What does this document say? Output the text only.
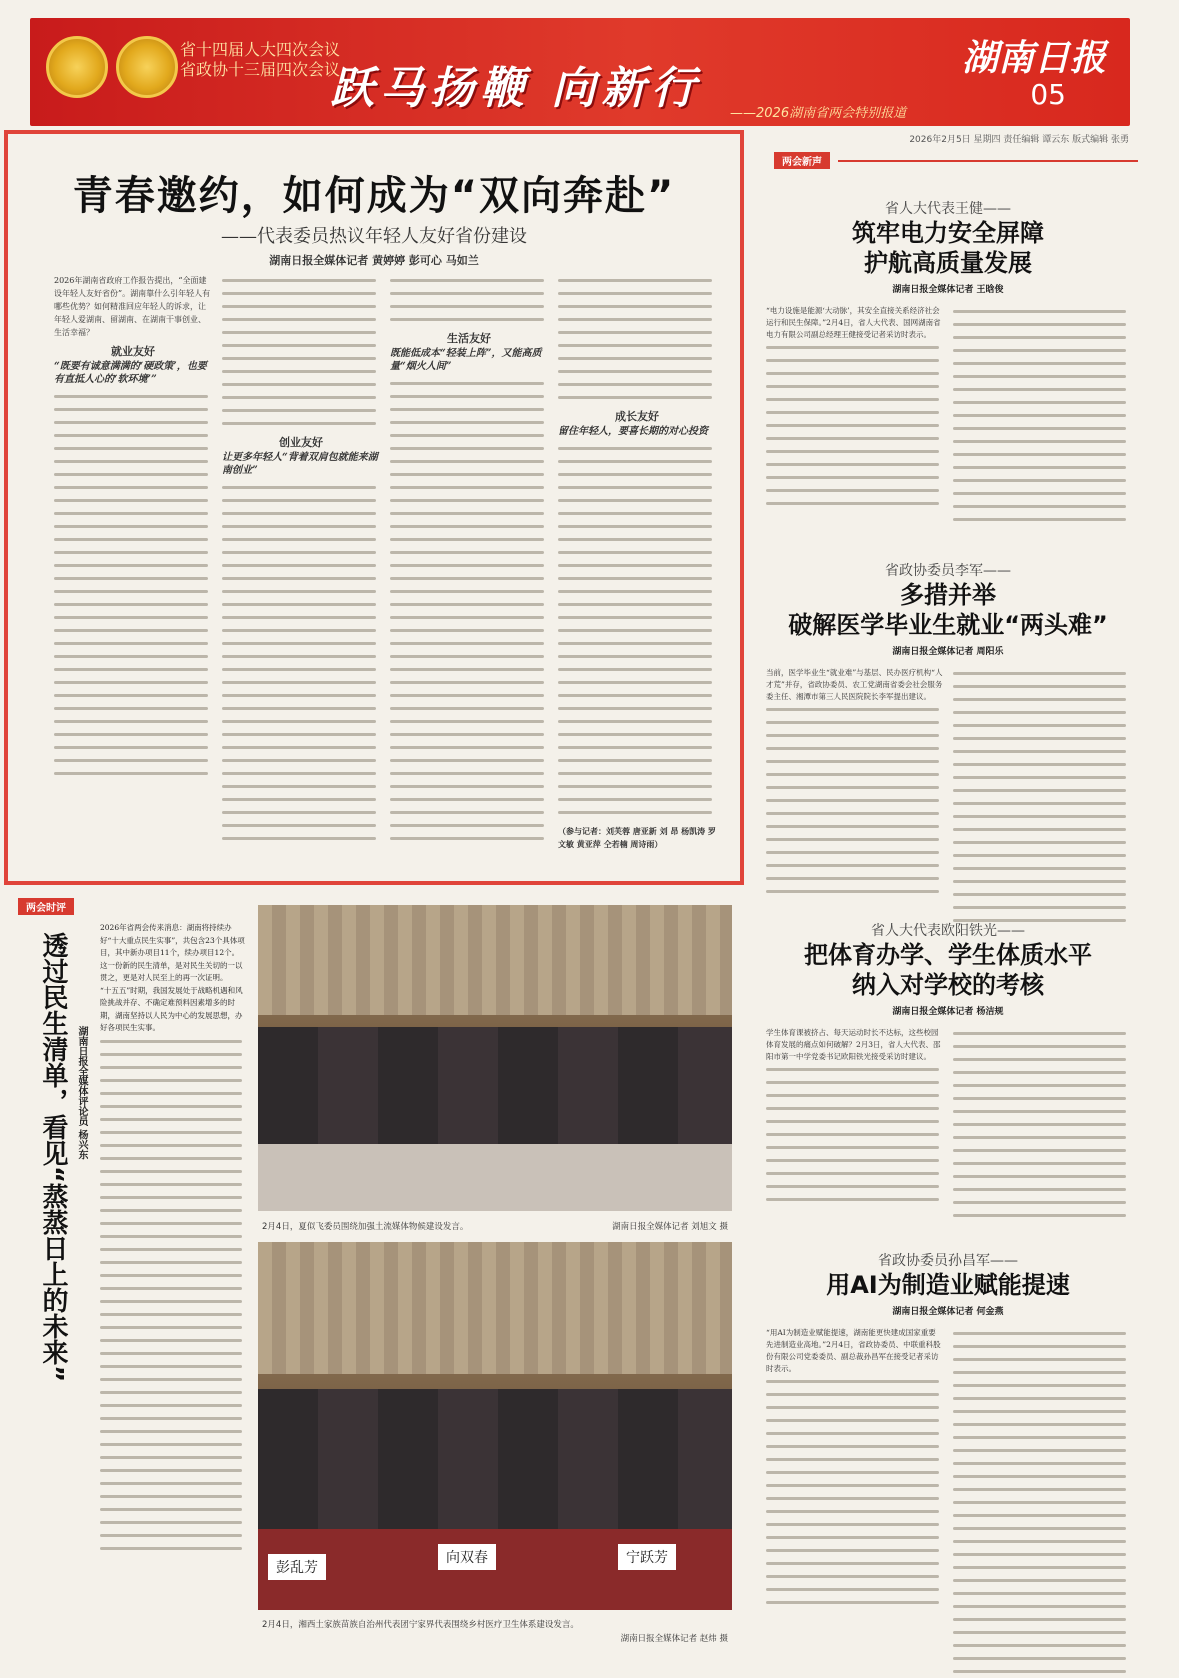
省十四届人大四次会议
省政协十三届四次会议
跃马扬鞭 向新行 ——2026湖南省两会特别报道
湖南日报
05
2026年2月5日 星期四 责任编辑 谭云东 版式编辑 张勇
青春邀约，如何成为“双向奔赴”
——代表委员热议年轻人友好省份建设
湖南日报全媒体记者 黄婷婷 彭可心 马如兰

2026年湖南省政府工作报告提出，“全面建设年轻人友好省份”。湖南靠什么引年轻人有哪些优势？如何精准回应年轻人的诉求，让年轻人爱湖南、留湖南、在湖南干事创业、生活幸福？

就业友好
“既要有诚意满满的‘硬政策’，也要有直抵人心的‘软环境’”
创业友好
让更多年轻人“背着双肩包就能来湖南创业”
生活友好
既能低成本“轻装上阵”，又能高质量“烟火人间”
成长友好
留住年轻人，要喜长期的对心投资
（参与记者：刘芙蓉 唐亚新 刘 昂 杨凯涛 罗文敏 黄亚萍 仝若楠 周诗雨）
两会新声
省人大代表王健——
筑牢电力安全屏障
护航高质量发展
湖南日报全媒体记者 王晗俊

“电力设施是能源‘大动脉’，其安全直接关系经济社会运行和民生保障。”2月4日，省人大代表、国网湖南省电力有限公司副总经理王健接受记者采访时表示。

省政协委员李军——
多措并举
破解医学毕业生就业“两头难”
湖南日报全媒体记者 周阳乐

当前，医学毕业生“就业难”与基层、民办医疗机构“人才荒”并存，省政协委员、农工党湖南省委会社会服务委主任、湘潭市第三人民医院院长李军提出建议。

省人大代表欧阳铁光——
把体育办学、学生体质水平
纳入对学校的考核
湖南日报全媒体记者 杨洁规

学生体育课被挤占、每天运动时长不达标，这些校园体育发展的痛点如何破解？2月3日，省人大代表、邵阳市第一中学党委书记欧阳铁光接受采访时建议。

省政协委员孙昌军——
用AI为制造业赋能提速
湖南日报全媒体记者 何金燕

“用AI为制造业赋能提速，湖南能更快建成国家重要先进制造业高地。”2月4日，省政协委员、中联重科股份有限公司党委委员、副总裁孙昌军在接受记者采访时表示。

两会时评
透过民生清单，看见“蒸蒸日上的未来” 湖南日报全媒体评论员 杨兴东

2026年省两会传来消息：湖南将持续办好“十大重点民生实事”，共包含23个具体项目，其中新办项目11个，续办项目12个。这一份新的民生清单，是对民生关切的一以贯之，更是对人民至上的再一次证明。

“十五五”时期，我国发展处于战略机遇和风险挑战并存、不确定难预料因素增多的时期，湖南坚持以人民为中心的发展思想，办好各项民生实事。

2月4日，夏似飞委员围绕加强土流媒体物候建设发言。	湖南日报全媒体记者 刘旭文 摄
彭乱芳
向双春	宁跃芳
2月4日，湘西土家族苗族自治州代表团宁家界代表围绕乡村医疗卫生体系建设发言。
湖南日报全媒体记者 赵炜 摄
